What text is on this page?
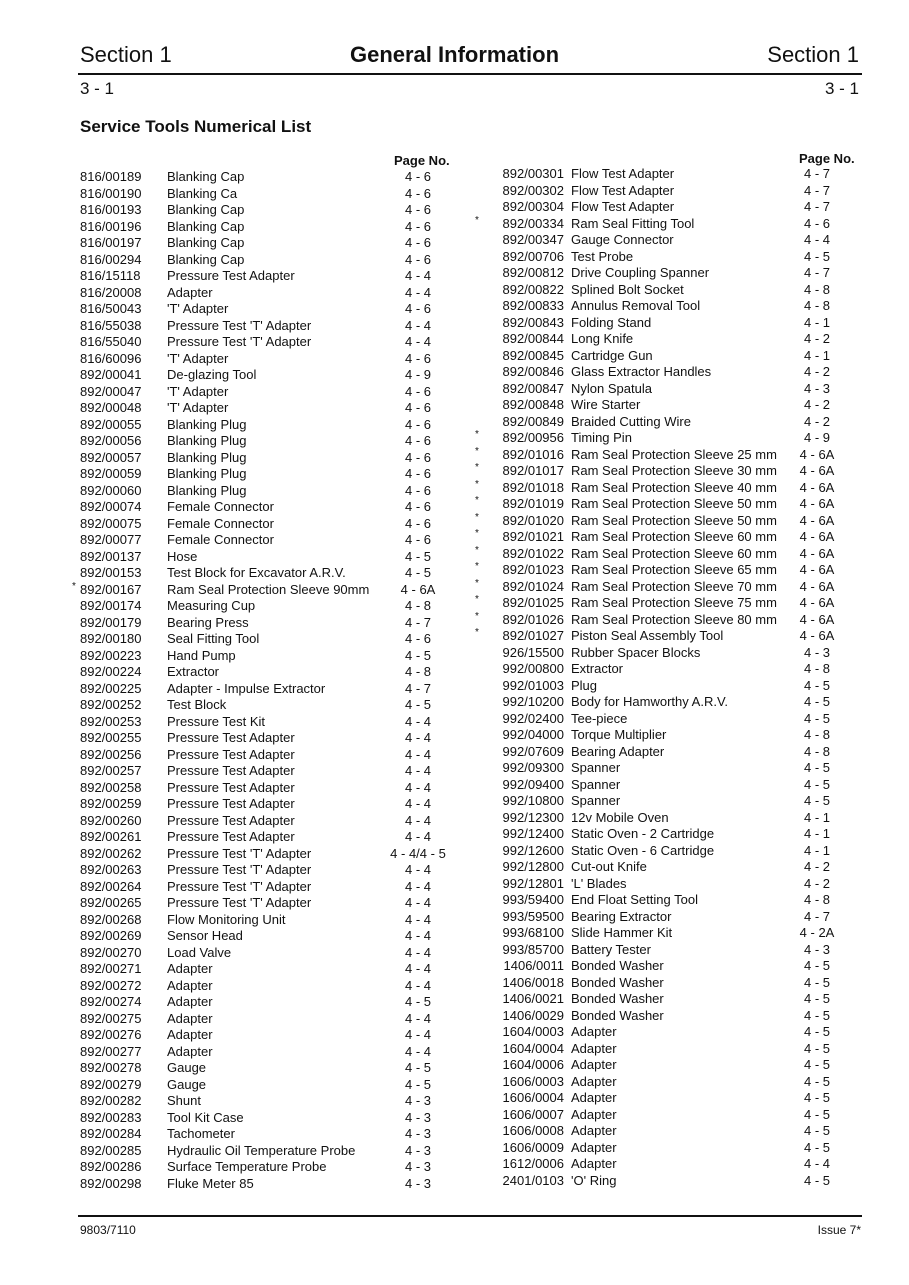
Section 1	General Information	Section 1
3 - 1	3 - 1
Service Tools Numerical List
Page No.	Page No.
816/00189	Blanking Cap	4 - 6
816/00190	Blanking Ca	4 - 6
816/00193	Blanking Cap	4 - 6
816/00196	Blanking Cap	4 - 6
816/00197	Blanking Cap	4 - 6
816/00294	Blanking Cap	4 - 6
816/15118	Pressure Test Adapter	4 - 4
816/20008	Adapter	4 - 4
816/50043	'T' Adapter	4 - 6
816/55038	Pressure Test 'T' Adapter	4 - 4
816/55040	Pressure Test 'T' Adapter	4 - 4
816/60096	'T' Adapter	4 - 6
892/00041	De-glazing Tool	4 - 9
892/00047	'T' Adapter	4 - 6
892/00048	'T' Adapter	4 - 6
892/00055	Blanking Plug	4 - 6
892/00056	Blanking Plug	4 - 6
892/00057	Blanking Plug	4 - 6
892/00059	Blanking Plug	4 - 6
892/00060	Blanking Plug	4 - 6
892/00074	Female Connector	4 - 6
892/00075	Female Connector	4 - 6
892/00077	Female Connector	4 - 6
892/00137	Hose	4 - 5
892/00153	Test Block for Excavator A.R.V.	4 - 5
* 892/00167	Ram Seal Protection Sleeve 90mm	4 - 6A
892/00174	Measuring Cup	4 - 8
892/00179	Bearing Press	4 - 7
892/00180	Seal Fitting Tool	4 - 6
892/00223	Hand Pump	4 - 5
892/00224	Extractor	4 - 8
892/00225	Adapter - Impulse Extractor	4 - 7
892/00252	Test Block	4 - 5
892/00253	Pressure Test Kit	4 - 4
892/00255	Pressure Test Adapter	4 - 4
892/00256	Pressure Test Adapter	4 - 4
892/00257	Pressure Test Adapter	4 - 4
892/00258	Pressure Test Adapter	4 - 4
892/00259	Pressure Test Adapter	4 - 4
892/00260	Pressure Test Adapter	4 - 4
892/00261	Pressure Test Adapter	4 - 4
892/00262	Pressure Test 'T' Adapter	4 - 4/4 - 5
892/00263	Pressure Test 'T' Adapter	4 - 4
892/00264	Pressure Test 'T' Adapter	4 - 4
892/00265	Pressure Test 'T' Adapter	4 - 4
892/00268	Flow Monitoring Unit	4 - 4
892/00269	Sensor Head	4 - 4
892/00270	Load Valve	4 - 4
892/00271	Adapter	4 - 4
892/00272	Adapter	4 - 4
892/00274	Adapter	4 - 5
892/00275	Adapter	4 - 4
892/00276	Adapter	4 - 4
892/00277	Adapter	4 - 4
892/00278	Gauge	4 - 5
892/00279	Gauge	4 - 5
892/00282	Shunt	4 - 3
892/00283	Tool Kit Case	4 - 3
892/00284	Tachometer	4 - 3
892/00285	Hydraulic Oil Temperature Probe	4 - 3
892/00286	Surface Temperature Probe	4 - 3
892/00298	Fluke Meter 85	4 - 3
892/00301 Flow Test Adapter	4 - 7
892/00302 Flow Test Adapter	4 - 7
892/00304 Flow Test Adapter	4 - 7
*	892/00334 Ram Seal Fitting Tool	4 - 6
892/00347 Gauge Connector	4 - 4
892/00706 Test Probe	4 - 5
892/00812 Drive Coupling Spanner	4 - 7
892/00822 Splined Bolt Socket	4 - 8
892/00833 Annulus Removal Tool	4 - 8
892/00843 Folding Stand	4 - 1
892/00844 Long Knife	4 - 2
892/00845 Cartridge Gun	4 - 1
892/00846 Glass Extractor Handles	4 - 2
892/00847 Nylon Spatula	4 - 3
892/00848 Wire Starter	4 - 2
892/00849 Braided Cutting Wire	4 - 2
*	892/00956 Timing Pin	4 - 9
*	892/01016 Ram Seal Protection Sleeve 25 mm	4 - 6A
*	892/01017 Ram Seal Protection Sleeve 30 mm	4 - 6A
*	892/01018 Ram Seal Protection Sleeve 40 mm	4 - 6A
*	892/01019 Ram Seal Protection Sleeve 50 mm	4 - 6A
*	892/01020 Ram Seal Protection Sleeve 50 mm	4 - 6A
*	892/01021 Ram Seal Protection Sleeve 60 mm	4 - 6A
*	892/01022 Ram Seal Protection Sleeve 60 mm	4 - 6A
*	892/01023 Ram Seal Protection Sleeve 65 mm	4 - 6A
*	892/01024 Ram Seal Protection Sleeve 70 mm	4 - 6A
*	892/01025 Ram Seal Protection Sleeve 75 mm	4 - 6A
*	892/01026 Ram Seal Protection Sleeve 80 mm	4 - 6A
*	892/01027 Piston Seal Assembly Tool	4 - 6A
926/15500 Rubber Spacer Blocks	4 - 3
992/00800 Extractor	4 - 8
992/01003 Plug	4 - 5
992/10200 Body for Hamworthy A.R.V.	4 - 5
992/02400 Tee-piece	4 - 5
992/04000 Torque Multiplier	4 - 8
992/07609 Bearing Adapter	4 - 8
992/09300 Spanner	4 - 5
992/09400 Spanner	4 - 5
992/10800 Spanner	4 - 5
992/12300 12v Mobile Oven	4 - 1
992/12400 Static Oven - 2 Cartridge	4 - 1
992/12600 Static Oven - 6 Cartridge	4 - 1
992/12800 Cut-out Knife	4 - 2
992/12801 'L' Blades	4 - 2
993/59400 End Float Setting Tool	4 - 8
993/59500 Bearing Extractor	4 - 7
993/68100 Slide Hammer Kit	4 - 2A
993/85700 Battery Tester	4 - 3
1406/0011 Bonded Washer	4 - 5
1406/0018 Bonded Washer	4 - 5
1406/0021 Bonded Washer	4 - 5
1406/0029 Bonded Washer	4 - 5
1604/0003 Adapter	4 - 5
1604/0004 Adapter	4 - 5
1604/0006 Adapter	4 - 5
1606/0003 Adapter	4 - 5
1606/0004 Adapter	4 - 5
1606/0007 Adapter	4 - 5
1606/0008 Adapter	4 - 5
1606/0009 Adapter	4 - 5
1612/0006 Adapter	4 - 4
2401/0103 'O' Ring	4 - 5
9803/7110	Issue 7*
